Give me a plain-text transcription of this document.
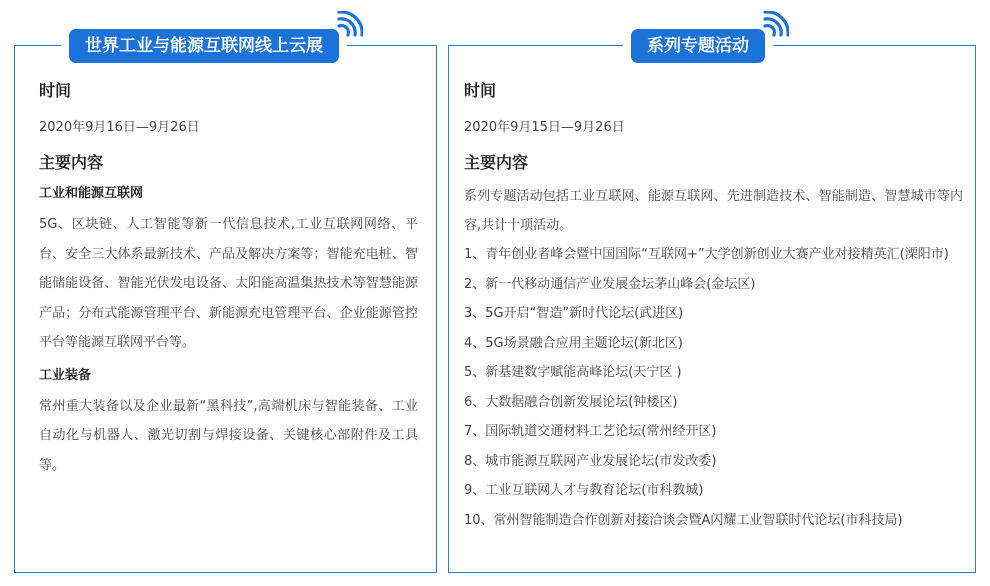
世界工业与能源互联网线上云展
时间
2020年9月16日—9月26日
主要内容
工业和能源互联网

5G、区块链、人工智能等新一代信息技术,工业互联网网络、平台、安全三大体系最新技术、产品及解决方案等；智能充电桩、智能储能设备、智能光伏发电设备、太阳能高温集热技术等智慧能源产品；分布式能源管理平台、新能源充电管理平台、企业能源管控平台等能源互联网平台等。

工业装备

常州重大装备以及企业最新“黑科技”,高端机床与智能装备、工业自动化与机器人、激光切割与焊接设备、关键核心部附件及工具等。

系列专题活动
时间
2020年9月15日—9月26日
主要内容

系列专题活动包括工业互联网、能源互联网、先进制造技术、智能制造、智慧城市等内容,共计十项活动。

1、青年创业者峰会暨中国国际“互联网+”大学创新创业大赛产业对接精英汇(溧阳市)
2、新一代移动通信产业发展金坛茅山峰会(金坛区)
3、5G开启“智造”新时代论坛(武进区)
4、5G场景融合应用主题论坛(新北区)
5、新基建数字赋能高峰论坛(天宁区 )
6、大数据融合创新发展论坛(钟楼区)
7、国际轨道交通材料工艺论坛(常州经开区)
8、城市能源互联网产业发展论坛(市发改委)
9、工业互联网人才与教育论坛(市科教城)
10、常州智能制造合作创新对接洽谈会暨A闪耀工业智联时代论坛(市科技局)
